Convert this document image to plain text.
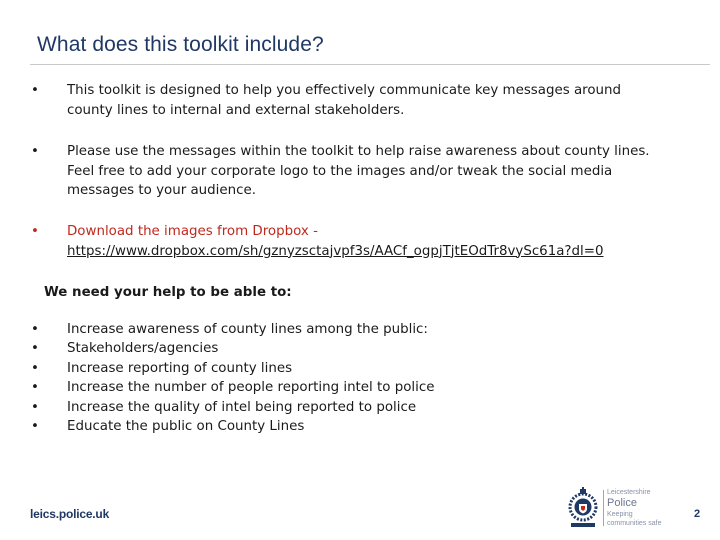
What does this toolkit include?
•	This toolkit is designed to help you effectively communicate key messages around county lines to internal and external stakeholders.
•	Please use the messages within the toolkit to help raise awareness about county lines. Feel free to add your corporate logo to the images and/or tweak the social media messages to your audience.
•	Download the images from Dropbox -
https://www.dropbox.com/sh/gznyzsctajvpf3s/AACf_ogpjTjtEOdTr8vySc61a?dl=0
We need your help to be able to:
•	Increase awareness of county lines among the public:
•	Stakeholders/agencies
•	Increase reporting of county lines
•	Increase the number of people reporting intel to police
•	Increase the quality of intel being reported to police
•	Educate the public on County Lines
leics.police.uk
Leicestershire
Police
Keeping communities safe
2
